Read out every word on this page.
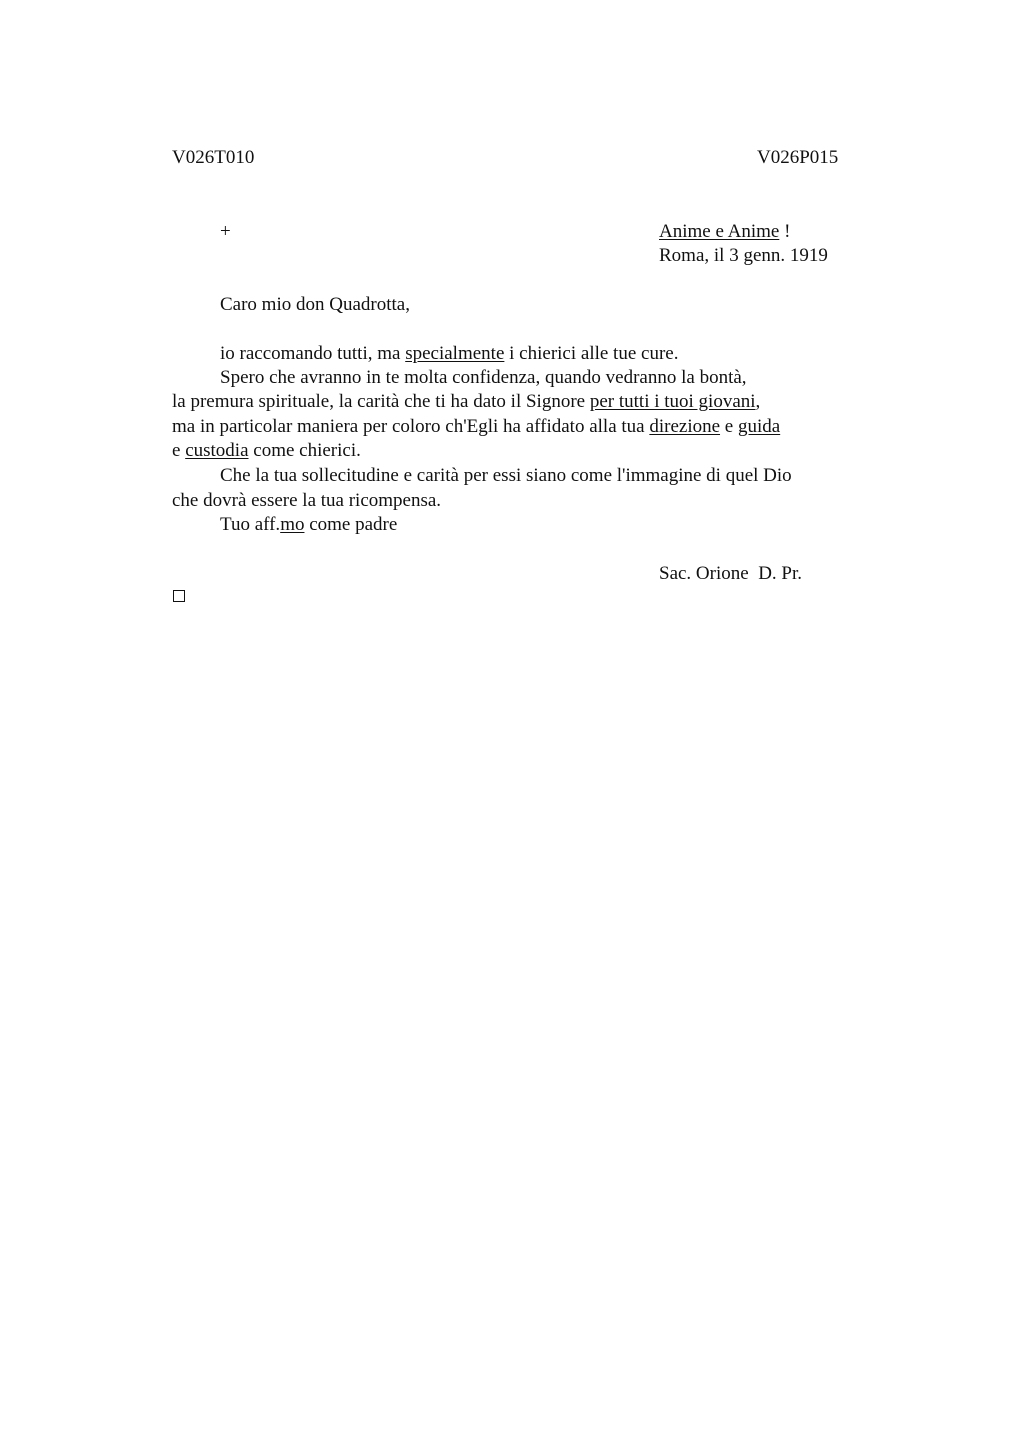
V026T010	V026P015
+	Anime e Anime !
Roma, il 3 genn. 1919
Caro mio don Quadrotta,
io raccomando tutti, ma specialmente i chierici alle tue cure.
Spero che avranno in te molta confidenza, quando vedranno la bontà,
la premura spirituale, la carità che ti ha dato il Signore per tutti i tuoi giovani,
ma in particolar maniera per coloro ch'Egli ha affidato alla tua direzione e guida
e custodia come chierici.
Che la tua sollecitudine e carità per essi siano come l'immagine di quel Dio
che dovrà essere la tua ricompensa.
Tuo aff.mo come padre
Sac. Orione  D. Pr.
